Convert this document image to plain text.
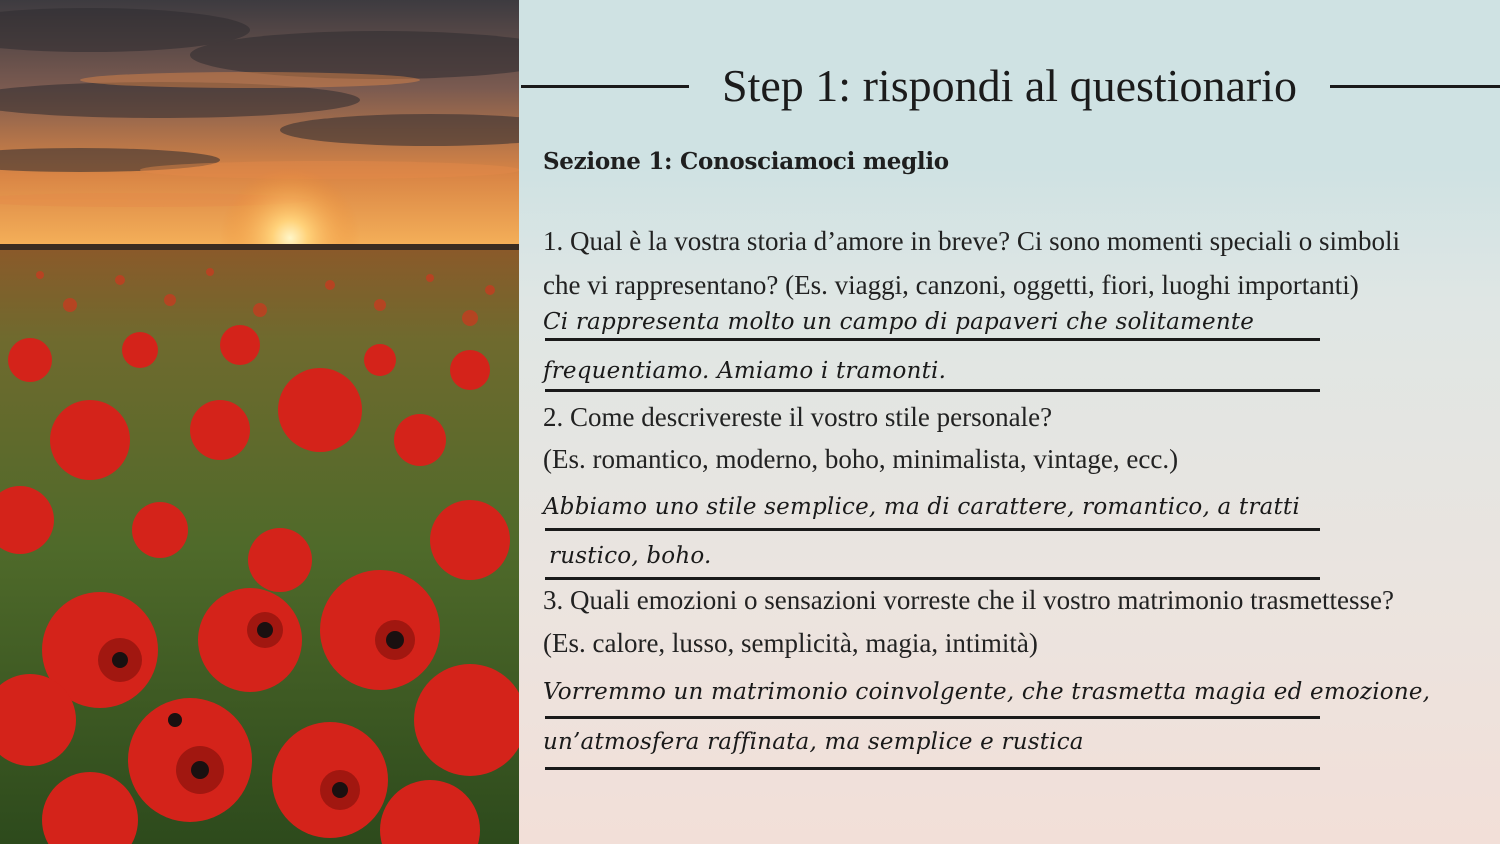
Step 1: rispondi al questionario
Sezione 1: Conosciamoci meglio
1. Qual è la vostra storia d’amore in breve? Ci sono momenti speciali o simboli
che vi rappresentano? (Es. viaggi, canzoni, oggetti, fiori, luoghi importanti)
Ci rappresenta molto un campo di papaveri che solitamente
frequentiamo. Amiamo i tramonti.
2. Come descrivereste il vostro stile personale?
(Es. romantico, moderno, boho, minimalista, vintage, ecc.)
Abbiamo uno stile semplice, ma di carattere, romantico, a tratti
rustico, boho.
3. Quali emozioni o sensazioni vorreste che il vostro matrimonio trasmettesse?
(Es. calore, lusso, semplicità, magia, intimità)
Vorremmo un matrimonio coinvolgente, che trasmetta magia ed emozione,
un’atmosfera raffinata, ma semplice e rustica
